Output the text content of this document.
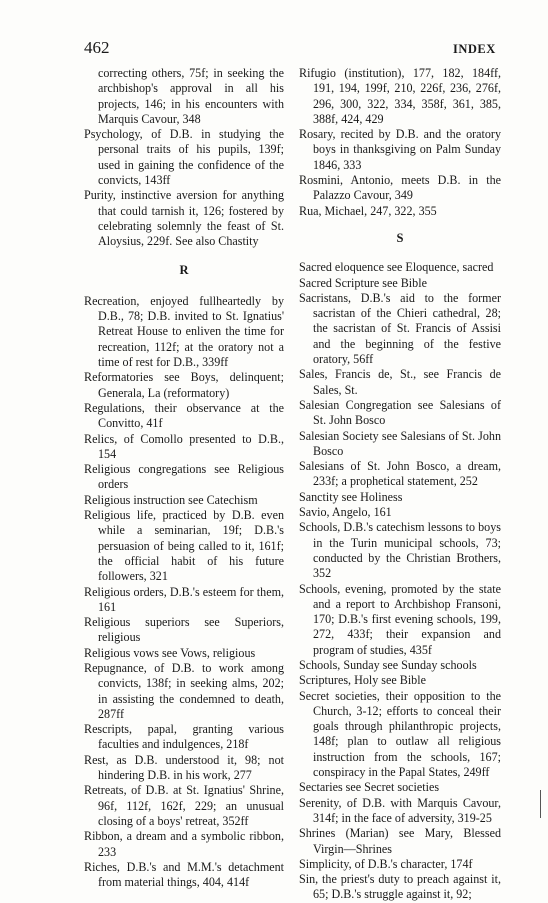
462	INDEX
correcting others, 75f; in seeking the archbishop's approval in all his projects, 146; in his encounters with Marquis Cavour, 348
Psychology, of D.B. in studying the personal traits of his pupils, 139f; used in gaining the confidence of the convicts, 143ff
Purity, instinctive aversion for anything that could tarnish it, 126; fostered by celebrating solemnly the feast of St. Aloysius, 229f. See also Chastity
R
Recreation, enjoyed fullheartedly by D.B., 78; D.B. invited to St. Ignatius' Retreat House to enliven the time for recreation, 112f; at the oratory not a time of rest for D.B., 339ff
Reformatories see Boys, delinquent; Generala, La (reformatory)
Regulations, their observance at the Convitto, 41f
Relics, of Comollo presented to D.B., 154
Religious congregations see Religious orders
Religious instruction see Catechism
Religious life, practiced by D.B. even while a seminarian, 19f; D.B.'s persuasion of being called to it, 161f; the official habit of his future followers, 321
Religious orders, D.B.'s esteem for them, 161
Religious superiors see Superiors, religious
Religious vows see Vows, religious
Repugnance, of D.B. to work among convicts, 138f; in seeking alms, 202; in assisting the condemned to death, 287ff
Rescripts, papal, granting various faculties and indulgences, 218f
Rest, as D.B. understood it, 98; not hindering D.B. in his work, 277
Retreats, of D.B. at St. Ignatius' Shrine, 96f, 112f, 162f, 229; an unusual closing of a boys' retreat, 352ff
Ribbon, a dream and a symbolic ribbon, 233
Riches, D.B.'s and M.M.'s detachment from material things, 404, 414f
Rifugio (institution), 177, 182, 184ff, 191, 194, 199f, 210, 226f, 236, 276f, 296, 300, 322, 334, 358f, 361, 385, 388f, 424, 429
Rosary, recited by D.B. and the oratory boys in thanksgiving on Palm Sunday 1846, 333
Rosmini, Antonio, meets D.B. in the Palazzo Cavour, 349
Rua, Michael, 247, 322, 355
S
Sacred eloquence see Eloquence, sacred
Sacred Scripture see Bible
Sacristans, D.B.'s aid to the former sacristan of the Chieri cathedral, 28; the sacristan of St. Francis of Assisi and the beginning of the festive oratory, 56ff
Sales, Francis de, St., see Francis de Sales, St.
Salesian Congregation see Salesians of St. John Bosco
Salesian Society see Salesians of St. John Bosco
Salesians of St. John Bosco, a dream, 233f; a prophetical statement, 252
Sanctity see Holiness
Savio, Angelo, 161
Schools, D.B.'s catechism lessons to boys in the Turin municipal schools, 73; conducted by the Christian Brothers, 352
Schools, evening, promoted by the state and a report to Archbishop Fransoni, 170; D.B.'s first evening schools, 199, 272, 433f; their expansion and program of studies, 435f
Schools, Sunday see Sunday schools
Scriptures, Holy see Bible
Secret societies, their opposition to the Church, 3-12; efforts to conceal their goals through philanthropic projects, 148f; plan to outlaw all religious instruction from the schools, 167; conspiracy in the Papal States, 249ff
Sectaries see Secret societies
Serenity, of D.B. with Marquis Cavour, 314f; in the face of adversity, 319-25
Shrines (Marian) see Mary, Blessed Virgin—Shrines
Simplicity, of D.B.'s character, 174f
Sin, the priest's duty to preach against it, 65; D.B.'s struggle against it, 92;
